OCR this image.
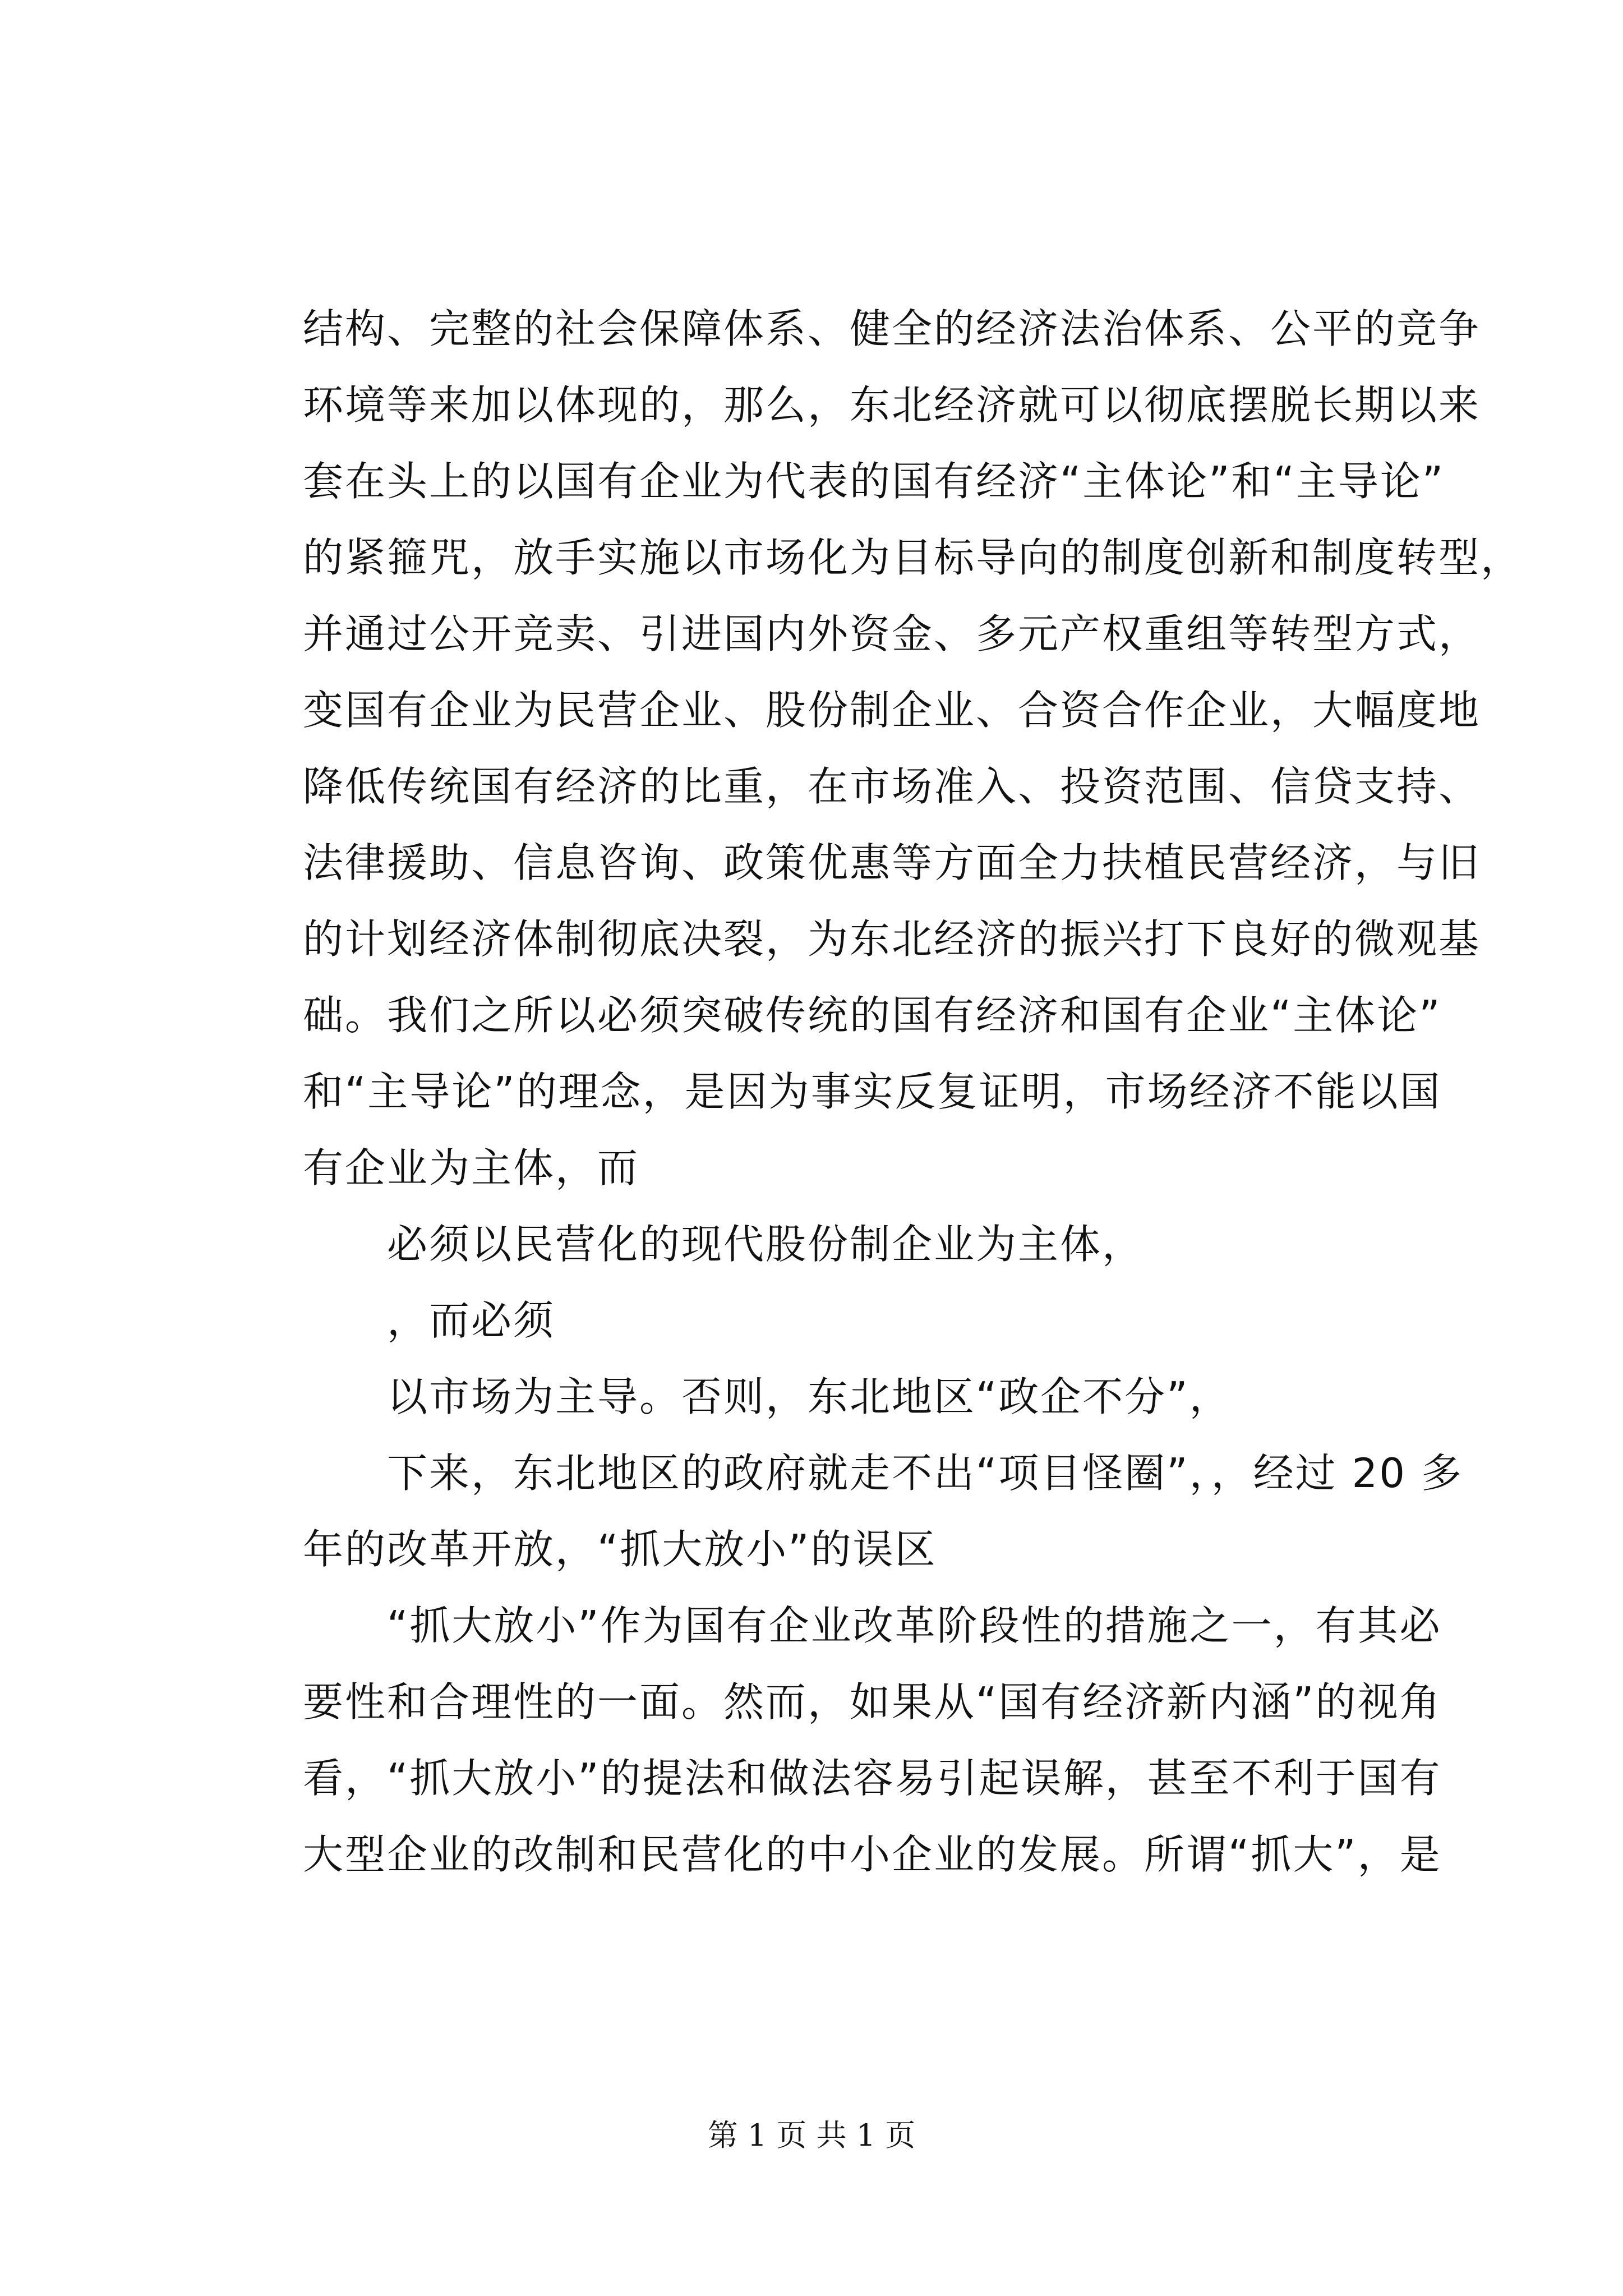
结构、完整的社会保障体系、健全的经济法治体系、公平的竞争
环境等来加以体现的，那么，东北经济就可以彻底摆脱长期以来
套在头上的以国有企业为代表的国有经济“主体论”和“主导论”
的紧箍咒，放手实施以市场化为目标导向的制度创新和制度转型，
并通过公开竞卖、引进国内外资金、多元产权重组等转型方式，
变国有企业为民营企业、股份制企业、合资合作企业，大幅度地
降低传统国有经济的比重，在市场准入、投资范围、信贷支持、
法律援助、信息咨询、政策优惠等方面全力扶植民营经济，与旧
的计划经济体制彻底决裂，为东北经济的振兴打下良好的微观基
础。我们之所以必须突破传统的国有经济和国有企业“主体论”
和“主导论”的理念，是因为事实反复证明，市场经济不能以国
有企业为主体，而
　　必须以民营化的现代股份制企业为主体，
　　，而必须
　　以市场为主导。否则，东北地区“政企不分”，
　　下来，东北地区的政府就走不出“项目怪圈”，，经过 20 多
年的改革开放，“抓大放小”的误区
　　“抓大放小”作为国有企业改革阶段性的措施之一，有其必
要性和合理性的一面。然而，如果从“国有经济新内涵”的视角
看，“抓大放小”的提法和做法容易引起误解，甚至不利于国有
大型企业的改制和民营化的中小企业的发展。所谓“抓大”，是
第 1 页 共 1 页
